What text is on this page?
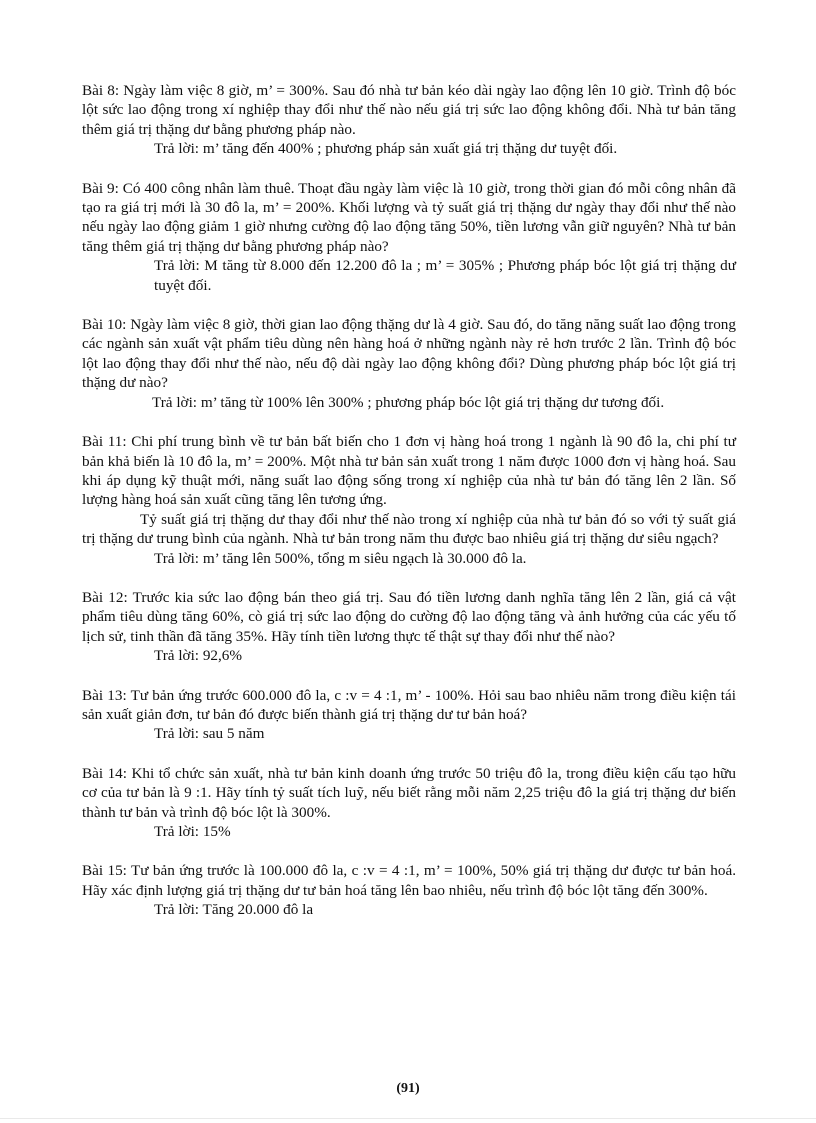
Bài 8: Ngày làm việc 8 giờ, m’ = 300%. Sau đó nhà tư bản kéo dài ngày lao động lên 10 giờ. Trình độ bóc lột sức lao động trong xí nghiệp thay đổi như thế nào nếu giá trị sức lao động không đổi. Nhà tư bản tăng thêm giá trị thặng dư bằng phương pháp nào.

Trả lời: m’ tăng đến 400% ; phương pháp sản xuất giá trị thặng dư tuyệt đối.

Bài 9: Có 400 công nhân làm thuê. Thoạt đầu ngày làm việc là 10 giờ, trong thời gian đó mỗi công nhân đã tạo ra giá trị mới là 30 đô la, m’ = 200%. Khối lượng và tỷ suất giá trị thặng dư ngày thay đổi như thế nào nếu ngày lao động giảm 1 giờ nhưng cường độ lao động tăng 50%, tiền lương vẫn giữ nguyên? Nhà tư bản tăng thêm giá trị thặng dư bằng phương pháp nào?

Trả lời: M tăng từ 8.000 đến 12.200 đô la ; m’ = 305% ; Phương pháp bóc lột giá trị thặng dư tuyệt đối.

Bài 10: Ngày làm việc 8 giờ, thời gian lao động thặng dư là 4 giờ. Sau đó, do tăng năng suất lao động trong các ngành sản xuất vật phẩm tiêu dùng nên hàng hoá ở những ngành này rẻ hơn trước 2 lần. Trình độ bóc lột lao động thay đổi như thế nào, nếu độ dài ngày lao động không đổi? Dùng phương pháp bóc lột giá trị thặng dư nào?

Trả lời: m’ tăng từ 100% lên 300% ; phương pháp bóc lột giá trị thặng dư tương đối.

Bài 11: Chi phí trung bình về tư bản bất biến cho 1 đơn vị hàng hoá trong 1 ngành là 90 đô la, chi phí tư bản khả biến là 10 đô la, m’ = 200%. Một nhà tư bản sản xuất trong 1 năm được 1000 đơn vị hàng hoá. Sau khi áp dụng kỹ thuật mới, năng suất lao động sống trong xí nghiệp của nhà tư bản đó tăng lên 2 lần. Số lượng hàng hoá sản xuất cũng tăng lên tương ứng.

Tỷ suất giá trị thặng dư thay đổi như thế nào trong xí nghiệp của nhà tư bản đó so với tỷ suất giá trị thặng dư trung bình của ngành. Nhà tư bản trong năm thu được bao nhiêu giá trị thặng dư siêu ngạch?

Trả lời: m’ tăng lên 500%, tổng m siêu ngạch là 30.000 đô la.

Bài 12: Trước kia sức lao động bán theo giá trị. Sau đó tiền lương danh nghĩa tăng lên 2 lần, giá cả vật phẩm tiêu dùng tăng 60%, cò giá trị sức lao động do cường độ lao động tăng và ảnh hưởng của các yếu tố lịch sử, tinh thần đã tăng 35%. Hãy tính tiền lương thực tế thật sự thay đổi như thế nào?

Trả lời: 92,6%

Bài 13: Tư bản ứng trước 600.000 đô la, c :v = 4 :1, m’ - 100%. Hỏi sau bao nhiêu năm trong điều kiện tái sản xuất giản đơn, tư bản đó được biến thành giá trị thặng dư tư bản hoá?

Trả lời: sau 5 năm

Bài 14: Khi tổ chức sản xuất, nhà tư bản kinh doanh ứng trước 50 triệu đô la, trong điều kiện cấu tạo hữu cơ của tư bản là 9 :1. Hãy tính tỷ suất tích luỹ, nếu biết rằng mỗi năm 2,25 triệu đô la giá trị thặng dư biến thành tư bản và trình độ bóc lột là 300%.

Trả lời: 15%

Bài 15: Tư bản ứng trước là 100.000 đô la, c :v = 4 :1, m’ = 100%, 50% giá trị thặng dư được tư bản hoá. Hãy xác định lượng giá trị thặng dư tư bản hoá tăng lên bao nhiêu, nếu trình độ bóc lột tăng đến 300%.

Trả lời: Tăng 20.000 đô la

(91)
